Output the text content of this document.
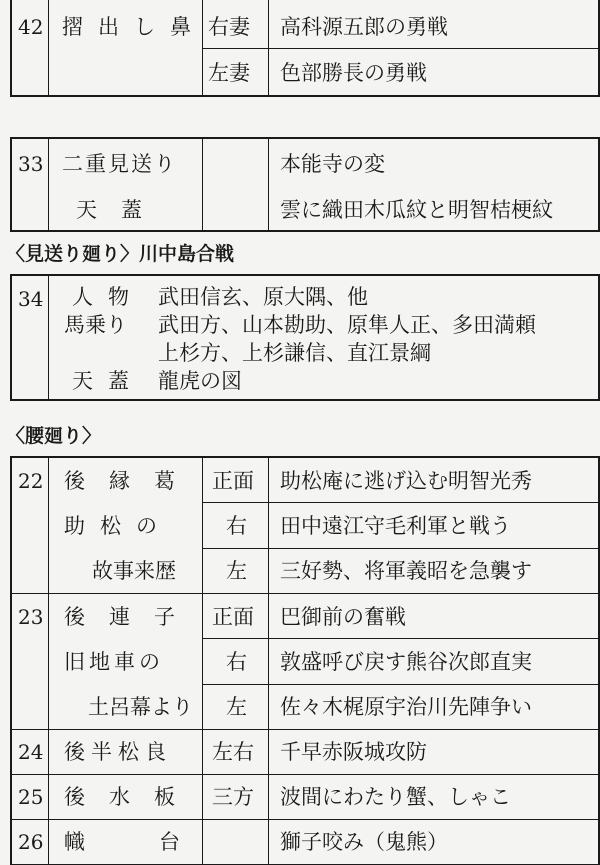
42 摺出し鼻 右妻 高科源五郎の勇戦
左妻 色部勝長の勇戦
33 二重見送り	本能寺の変
天蓋	雲に織田木瓜紋と明智桔梗紋
〈見送り廻り〉川中島合戦
34 人物 武田信玄、原大隅、他
馬乗り 武田方、山本勘助、原隼人正、多田満頼
上杉方、上杉謙信、直江景綱
天蓋 龍虎の図
〈腰廻り〉
22 後縁葛 正面 助松庵に逃げ込む明智光秀
助松の	右 田中遠江守毛利軍と戦う
故事来歴 左 三好勢、将軍義昭を急襲す
23 後連子 正面 巴御前の奮戦
旧地車の	右 敦盛呼び戻す熊谷次郎直実
土呂幕より 左 佐々木梶原宇治川先陣争い
24 後半松良 左右 千早赤阪城攻防
25 後水板 三方 波間にわたり蟹、しゃこ
26 幟台 獅子咬み（鬼熊）
